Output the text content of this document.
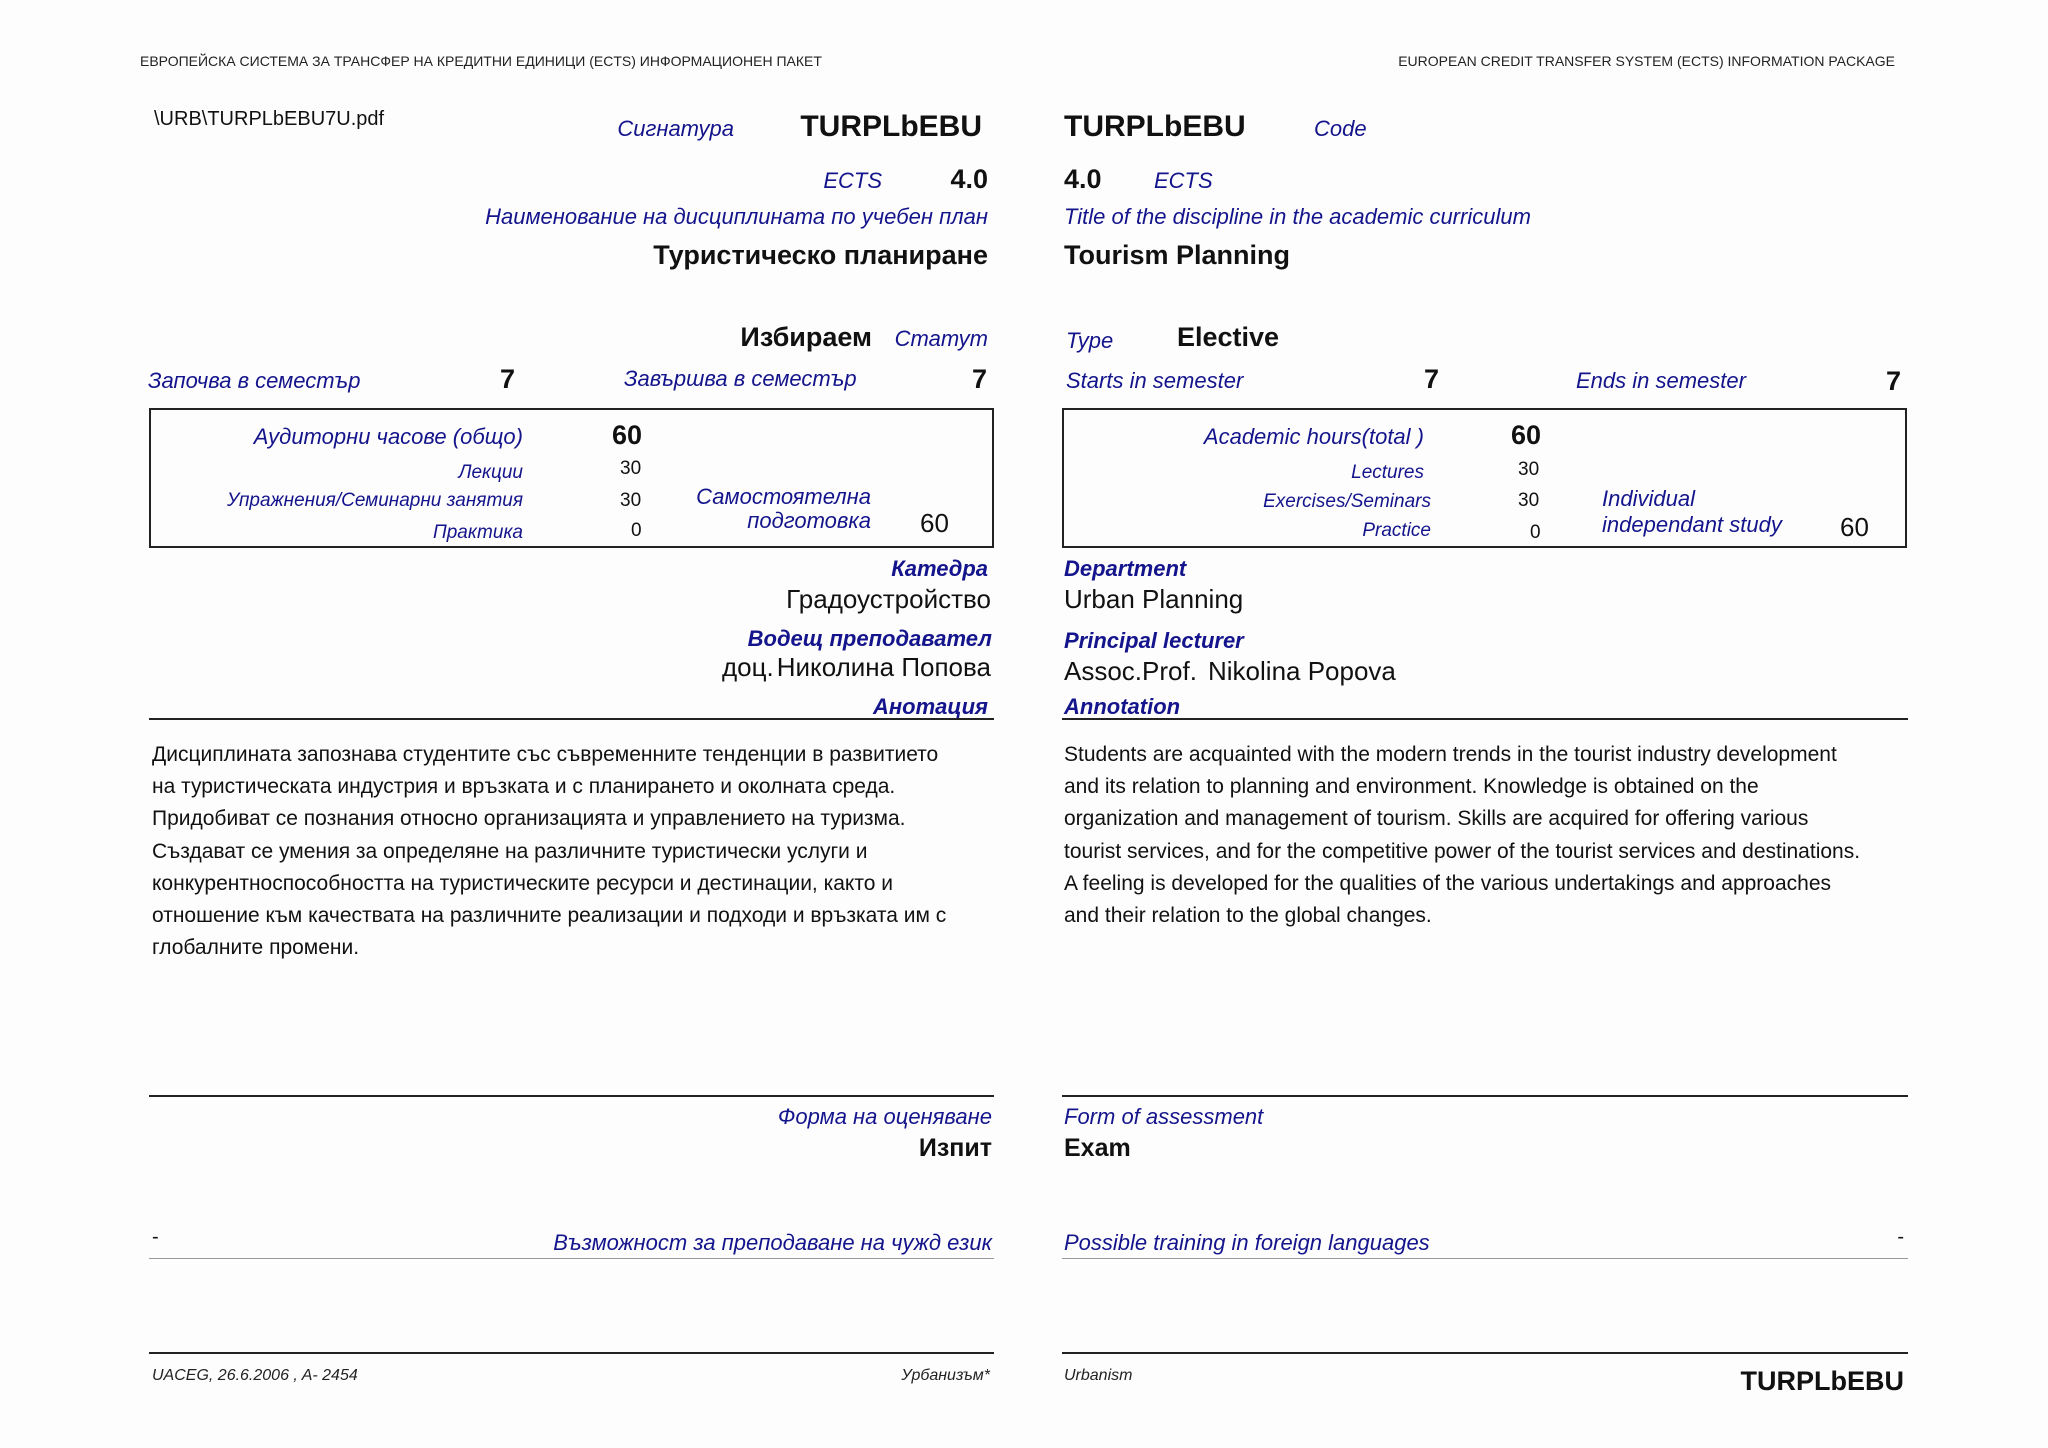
ЕВРОПЕЙСКА СИСТЕМА ЗА ТРАНСФЕР НА КРЕДИТНИ ЕДИНИЦИ (ECTS) ИНФОРМАЦИОНЕН ПАКЕТ	EUROPEAN CREDIT TRANSFER SYSTEM (ECTS) INFORMATION PACKAGE
\URB\TURPLbEBU7U.pdf	Сигнатура TURPLbEBU
ECTS	4.0
Наименование на дисциплината по учебен план
Туристическо планиране
Избираем Статут
Започва в семестър	7	Завършва в семестър	7
Аудиторни часове (общо)	60
Лекции	30
Упражнения/Семинарни занятия	30
Практика	0
Самостоятелна
подготовка 60
Катедра
Градоустройство
Водещ преподавател
доц. Николина Попова
Анотация
Дисциплината запознава студентите със съвременните тенденции в развитието
на туристическата индустрия и връзката и с планирането и околната среда.
Придобиват се познания относно организацията и управлението на туризма.
Създават се умения за определяне на различните туристически услуги и
конкурентноспособността на туристическите ресурси и дестинации, както и
отношение към качествата на различните реализации и подходи и връзката им с
глобалните промени.
Форма на оценяване
Изпит
-	Възможност за преподаване на чужд език
UACEG, 26.6.2006 , A- 2454	Урбанизъм*
TURPLbEBU	Code
4.0 ECTS
Title of the discipline in the academic curriculum
Tourism Planning
Type Elective
Starts in semester	7	Ends in semester	7
Academic hours(total )	60
Lectures	30
Exercises/Seminars	30
Practice	0
Individual
independant study 60
Department
Urban Planning
Principal lecturer
Assoc.Prof. Nikolina Popova
Annotation
Students are acquainted with the modern trends in the tourist industry development
and its relation to planning and environment. Knowledge is obtained on the
organization and management of tourism. Skills are acquired for offering various
tourist services, and for the competitive power of the tourist services and destinations.
A feeling is developed for the qualities of the various undertakings and approaches
and their relation to the global changes.
Form of assessment
Exam
Possible training in foreign languages	-
Urbanism	TURPLbEBU
